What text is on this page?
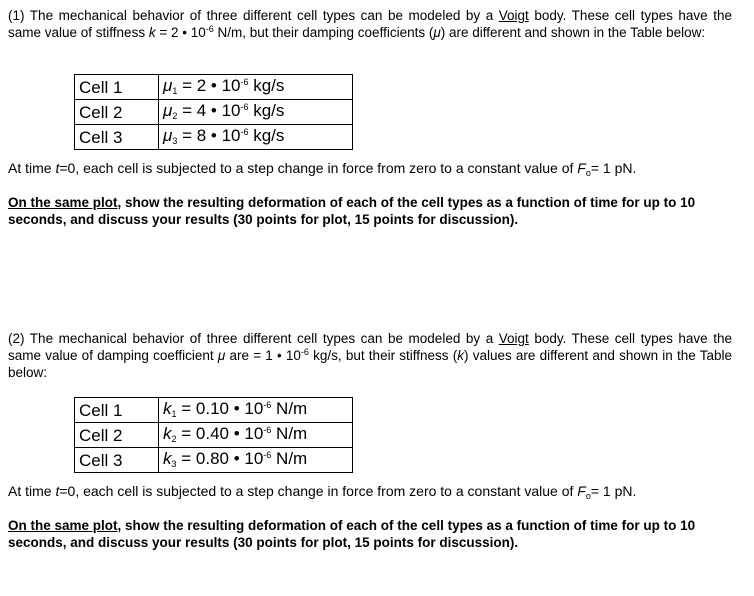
(1) The mechanical behavior of three different cell types can be modeled by a Voigt body. These cell types have the same value of stiffness k = 2 • $10^{-6}$ N/m, but their damping coefficients (μ) are different and shown in the Table below:
Cell 1	$\mu_1 = 2$ • $10^{-6}$ kg/s
Cell 2	$\mu_2 = 4$ • $10^{-6}$ kg/s
Cell 3	$\mu_3 = 8$ • $10^{-6}$ kg/s
At time t=0, each cell is subjected to a step change in force from zero to a constant value of $F_o= 1$ pN.
On the same plot, show the resulting deformation of each of the cell types as a function of time for up to 10 seconds, and discuss your results (30 points for plot, 15 points for discussion).
(2) The mechanical behavior of three different cell types can be modeled by a Voigt body. These cell types have the same value of damping coefficient μ are = 1 • $10^{-6}$ kg/s, but their stiffness (k) values are different and shown in the Table below:
Cell 1	$k_1 = 0.10$ • $10^{-6}$ N/m
Cell 2	$k_2 = 0.40$ • $10^{-6}$ N/m
Cell 3	$k_3 = 0.80$ • $10^{-6}$ N/m
At time t=0, each cell is subjected to a step change in force from zero to a constant value of $F_o= 1$ pN.
On the same plot, show the resulting deformation of each of the cell types as a function of time for up to 10 seconds, and discuss your results (30 points for plot, 15 points for discussion).
